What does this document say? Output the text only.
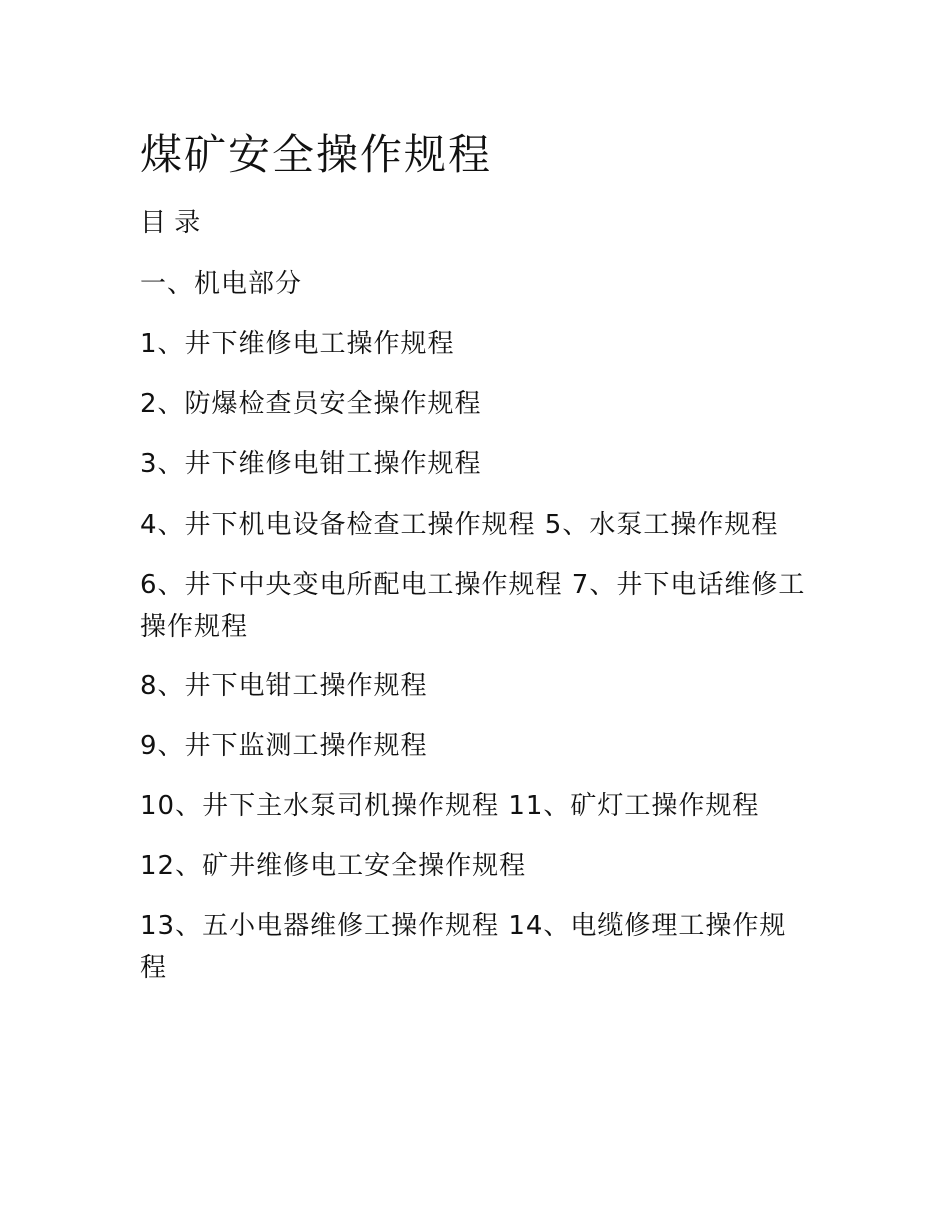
煤矿安全操作规程
目 录
一、机电部分
1、井下维修电工操作规程
2、防爆检查员安全操作规程
3、井下维修电钳工操作规程
4、井下机电设备检查工操作规程 5、水泵工操作规程
6、井下中央变电所配电工操作规程 7、井下电话维修工操作规程
8、井下电钳工操作规程
9、井下监测工操作规程
10、井下主水泵司机操作规程 11、矿灯工操作规程
12、矿井维修电工安全操作规程
13、五小电器维修工操作规程 14、电缆修理工操作规程
